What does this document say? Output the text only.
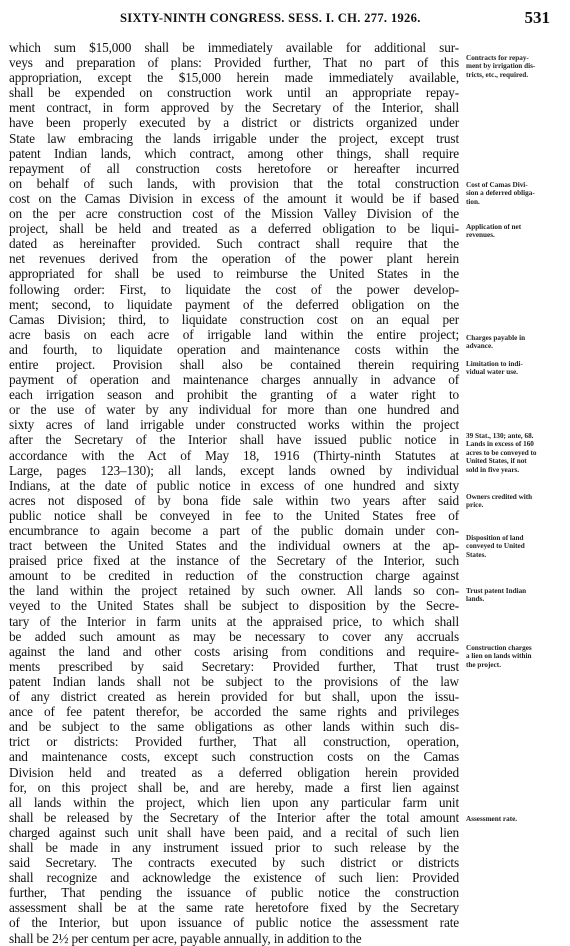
SIXTY-NINTH CONGRESS. SESS. I. CH. 277. 1926.	531
which sum $15,000 shall be immediately available for additional sur-
veys and preparation of plans: Provided further, That no part of this
appropriation, except the $15,000 herein made immediately available,
shall be expended on construction work until an appropriate repay-
ment contract, in form approved by the Secretary of the Interior, shall
have been properly executed by a district or districts organized under
State law embracing the lands irrigable under the project, except trust
patent Indian lands, which contract, among other things, shall require
repayment of all construction costs heretofore or hereafter incurred
on behalf of such lands, with provision that the total construction
cost on the Camas Division in excess of the amount it would be if based
on the per acre construction cost of the Mission Valley Division of the
project, shall be held and treated as a deferred obligation to be liqui-
dated as hereinafter provided. Such contract shall require that the
net revenues derived from the operation of the power plant herein
appropriated for shall be used to reimburse the United States in the
following order: First, to liquidate the cost of the power develop-
ment; second, to liquidate payment of the deferred obligation on the
Camas Division; third, to liquidate construction cost on an equal per
acre basis on each acre of irrigable land within the entire project;
and fourth, to liquidate operation and maintenance costs within the
entire project. Provision shall also be contained therein requiring
payment of operation and maintenance charges annually in advance of
each irrigation season and prohibit the granting of a water right to
or the use of water by any individual for more than one hundred and
sixty acres of land irrigable under constructed works within the project
after the Secretary of the Interior shall have issued public notice in
accordance with the Act of May 18, 1916 (Thirty-ninth Statutes at
Large, pages 123–130); all lands, except lands owned by individual
Indians, at the date of public notice in excess of one hundred and sixty
acres not disposed of by bona fide sale within two years after said
public notice shall be conveyed in fee to the United States free of
encumbrance to again become a part of the public domain under con-
tract between the United States and the individual owners at the ap-
praised price fixed at the instance of the Secretary of the Interior, such
amount to be credited in reduction of the construction charge against
the land within the project retained by such owner. All lands so con-
veyed to the United States shall be subject to disposition by the Secre-
tary of the Interior in farm units at the appraised price, to which shall
be added such amount as may be necessary to cover any accruals
against the land and other costs arising from conditions and require-
ments prescribed by said Secretary: Provided further, That trust
patent Indian lands shall not be subject to the provisions of the law
of any district created as herein provided for but shall, upon the issu-
ance of fee patent therefor, be accorded the same rights and privileges
and be subject to the same obligations as other lands within such dis-
trict or districts: Provided further, That all construction, operation,
and maintenance costs, except such construction costs on the Camas
Division held and treated as a deferred obligation herein provided
for, on this project shall be, and are hereby, made a first lien against
all lands within the project, which lien upon any particular farm unit
shall be released by the Secretary of the Interior after the total amount
charged against such unit shall have been paid, and a recital of such lien
shall be made in any instrument issued prior to such release by the
said Secretary. The contracts executed by such district or districts
shall recognize and acknowledge the existence of such lien: Provided
further, That pending the issuance of public notice the construction
assessment shall be at the same rate heretofore fixed by the Secretary
of the Interior, but upon issuance of public notice the assessment rate
shall be 2½ per centum per acre, payable annually, in addition to the
Contracts for repay-
ment by irrigation dis-
tricts, etc., required.
Cost of Camas Divi-
sion a deferred obliga-
tion.
Application of net
revenues.
Charges payable in
advance.
Limitation to indi-
vidual water use.
39 Stat., 130; ante, 68.
Lands in excess of 160
acres to be conveyed to
United States, if not
sold in five years.
Owners credited with
price.
Disposition of land
conveyed to United
States.
Trust patent Indian
lands.
Construction charges
a lien on lands within
the project.
Assessment rate.
